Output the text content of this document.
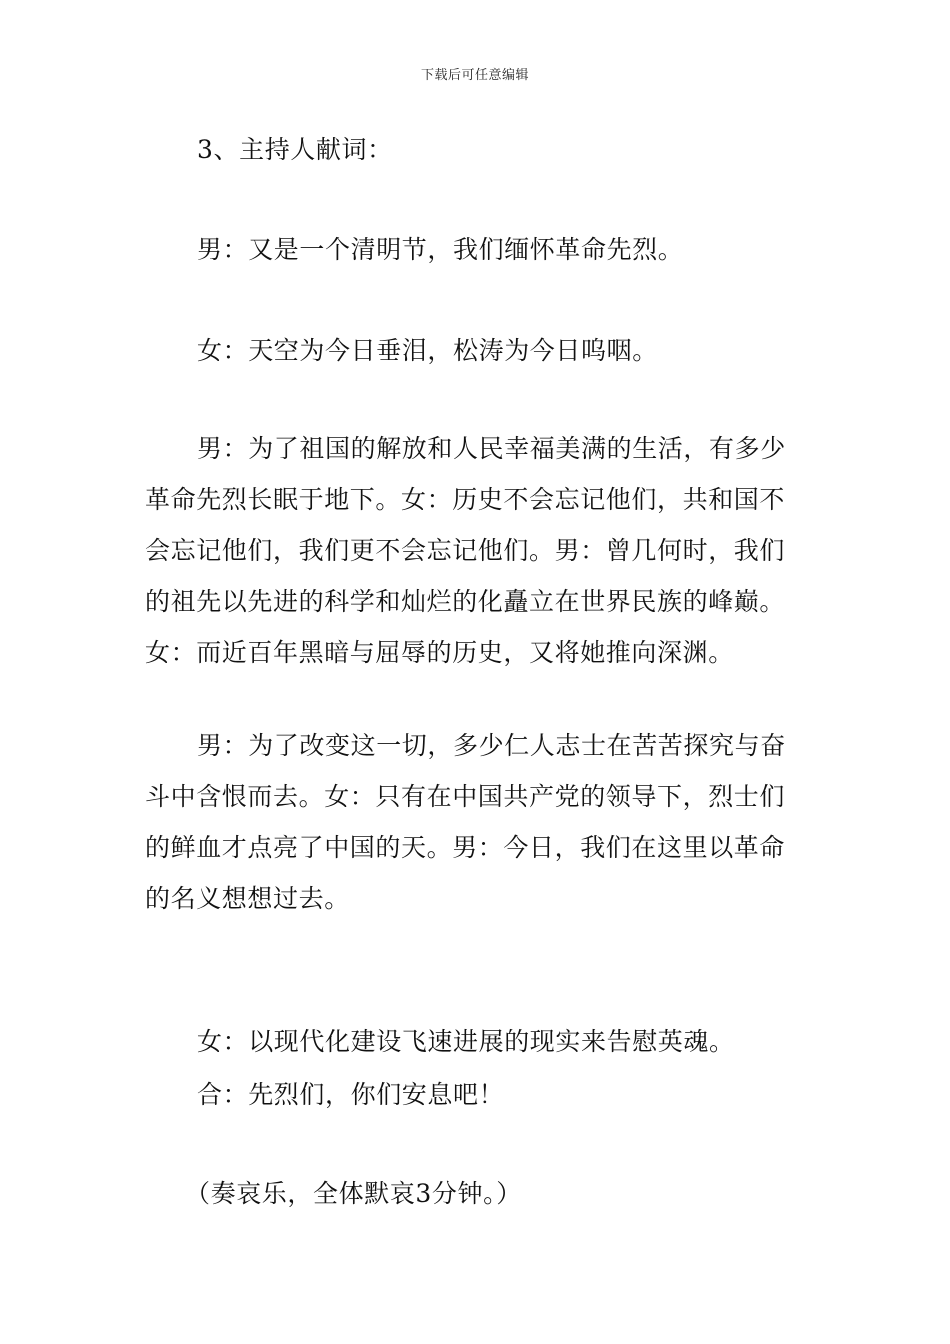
下载后可任意编辑

3、主持人献词：

男：又是一个清明节，我们缅怀革命先烈。

女：天空为今日垂泪，松涛为今日呜咽。

男：为了祖国的解放和人民幸福美满的生活，有多少革命先烈长眠于地下。女：历史不会忘记他们，共和国不会忘记他们，我们更不会忘记他们。男：曾几何时，我们的祖先以先进的科学和灿烂的化矗立在世界民族的峰巅。女：而近百年黑暗与屈辱的历史，又将她推向深渊。

男：为了改变这一切，多少仁人志士在苦苦探究与奋斗中含恨而去。女：只有在中国共产党的领导下，烈士们的鲜血才点亮了中国的天。男：今日，我们在这里以革命的名义想想过去。

女：以现代化建设飞速进展的现实来告慰英魂。

合：先烈们，你们安息吧！

（奏哀乐，全体默哀3分钟。）
